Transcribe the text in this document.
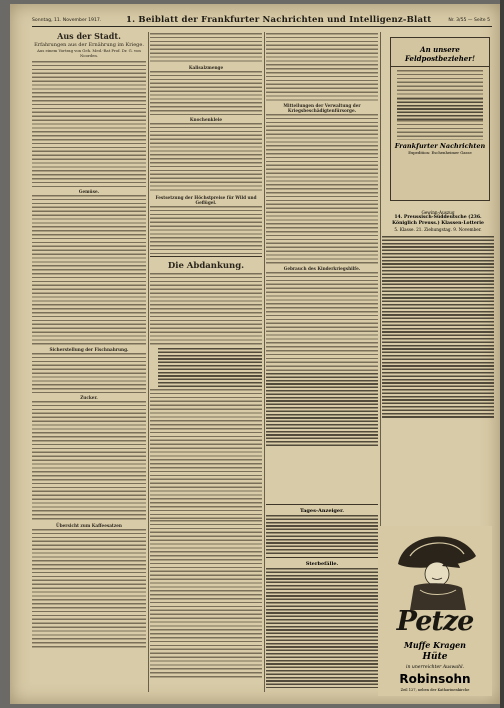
Sonntag, 11. November 1917.	1. Beiblatt der Frankfurter Nachrichten und Intelligenz-Blatt	Nr. 3/55 — Seite 5
Aus der Stadt.
Erfahrungen aus der Ernährung im Kriege.
Aus einem Vortrag von Geh. Med.-Rat Prof. Dr. G. von Noorden.
Gemüse.
Sicherstellung der Fischnahrung.
Zucker.
Übersicht zum Kaffeesatzen
Kalisalzmenge
Knochenkleie
Festsetzung der Höchstpreise für Wild und Geflügel.
Die Abdankung.
Mitteilungen der Verwaltung der Kriegsbeschädigtenfürsorge.
Gebrauch des Kinderkriegshilfe.
Tages-Anzeiger.
Sterbefälle.
An unsere Feldpostbezieher!
Frankfurter Nachrichten
Expedition: Eschenheimer Gasse
Gewinn-Auszug
14. Preussisch-Süddeutsche (236. Königlich Preuss.) Klassen-Lotterie
5. Klasse. 21. Ziehungstag. 9. November.
Petze
Muffe Kragen
Hüte
in unerreichter Auswahl.
Robinsohn
Zeil 127, neben der Katharinenkirche
